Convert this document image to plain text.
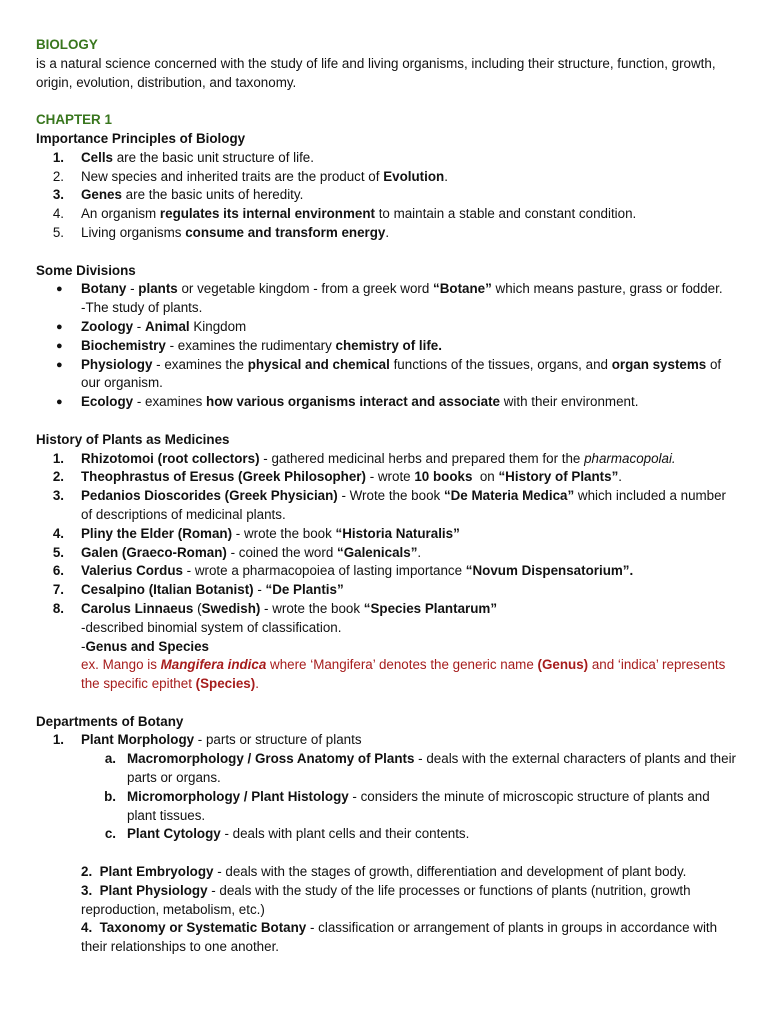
BIOLOGY
is a natural science concerned with the study of life and living organisms, including their structure, function, growth, origin, evolution, distribution, and taxonomy.
CHAPTER 1
Importance Principles of Biology
1. Cells are the basic unit structure of life.
2. New species and inherited traits are the product of Evolution.
3. Genes are the basic units of heredity.
4. An organism regulates its internal environment to maintain a stable and constant condition.
5. Living organisms consume and transform energy.
Some Divisions
● Botany - plants or vegetable kingdom - from a greek word “Botane” which means pasture, grass or fodder.
-The study of plants.
● Zoology - Animal Kingdom
● Biochemistry - examines the rudimentary chemistry of life.
● Physiology - examines the physical and chemical functions of the tissues, organs, and organ systems of our organism.
● Ecology - examines how various organisms interact and associate with their environment.
History of Plants as Medicines
1. Rhizotomoi (root collectors) - gathered medicinal herbs and prepared them for the pharmacopolai.
2. Theophrastus of Eresus (Greek Philosopher) - wrote 10 books  on “History of Plants”.
3. Pedanios Dioscorides (Greek Physician) - Wrote the book “De Materia Medica” which included a number of descriptions of medicinal plants.
4. Pliny the Elder (Roman) - wrote the book “Historia Naturalis”
5. Galen (Graeco-Roman) - coined the word “Galenicals”.
6. Valerius Cordus - wrote a pharmacopoiea of lasting importance “Novum Dispensatorium”.
7. Cesalpino (Italian Botanist) - “De Plantis”
8. Carolus Linnaeus (Swedish) - wrote the book “Species Plantarum”
-described binomial system of classification.
-Genus and Species
ex. Mango is Mangifera indica where ‘Mangifera’ denotes the generic name (Genus) and ‘indica’ represents the specific epithet (Species).
Departments of Botany
1. Plant Morphology - parts or structure of plants
a. Macromorphology / Gross Anatomy of Plants - deals with the external characters of plants and their parts or organs.
b. Micromorphology / Plant Histology - considers the minute of microscopic structure of plants and plant tissues.
c. Plant Cytology - deals with plant cells and their contents.
2. Plant Embryology - deals with the stages of growth, differentiation and development of plant body.
3. Plant Physiology - deals with the study of the life processes or functions of plants (nutrition, growth reproduction, metabolism, etc.)
4. Taxonomy or Systematic Botany - classification or arrangement of plants in groups in accordance with their relationships to one another.
